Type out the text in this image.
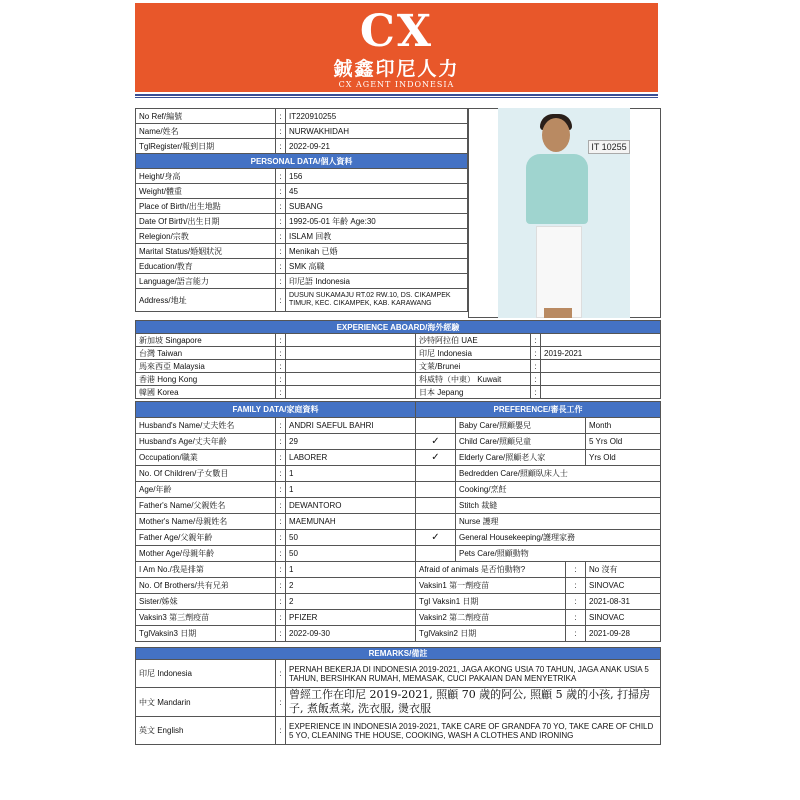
CX
鋮鑫印尼人力
CX AGENT INDONESIA
IT 10255
No Ref/編號	:	IT220910255
Name/姓名	:	NURWAKHIDAH
TglRegister/報到日期	:	2022-09-21
PERSONAL DATA/個人資料		
Height/身高	:	156
Weight/體重	:	45
Place of Birth/出生地點	:	SUBANG
Date Of Birth/出生日期	:	1992-05-01 年齡 Age:30
Relegion/宗教	:	ISLAM 回教
Marital Status/婚姻狀況	:	Menikah 已婚
Education/教育	:	SMK 高職
Language/語言能力	:	印尼語 Indonesia
Address/地址	:	DUSUN SUKAMAJU RT.02 RW.10, DS. CIKAMPEK TIMUR, KEC. CIKAMPEK, KAB. KARAWANG
EXPERIENCE ABOARD/海外經驗					
新加坡 Singapore	:		沙特阿拉伯 UAE	:	
台灣 Taiwan	:		印尼 Indonesia	:	2019-2021
馬來西亞 Malaysia	:		文萊/Brunei	:	
香港 Hong Kong	:		科威特（中東） Kuwait	:	
韓國 Korea	:		日本 Jepang	:	
FAMILY DATA/家庭資料			PREFERENCE/審長工作			
Husband's Name/丈夫姓名	:	ANDRI SAEFUL BAHRI		Baby Care/照顧嬰兒		Month
Husband's Age/丈夫年齡	:	29	✓	Child Care/照顧兒童		5 Yrs Old
Occupation/職業	:	LABORER	✓	Elderly Care/照顧老人家		Yrs Old
No. Of Children/子女數目	:	1		Bedredden Care/照顧臥床人士		
Age/年齡	:	1		Cooking/烹飪		
Father's Name/父親姓名	:	DEWANTORO		Stitch 裁縫		
Mother's Name/母親姓名	:	MAEMUNAH		Nurse 護理		
Father Age/父親年齡	:	50	✓	General Housekeeping/護理家務		
Mother Age/母親年齡	:	50		Pets Care/照顧動物		
I Am No./我是排第	:	1	Afraid of animals 是否怕動物?		:	No 沒有
No. Of Brothers/共有兄弟	:	2	Vaksin1 第一劑疫苗		:	SINOVAC
Sister/姊妹	:	2	Tgl Vaksin1 日期		:	2021-08-31
Vaksin3 第三劑疫苗	:	PFIZER	Vaksin2 第二劑疫苗		:	SINOVAC
TglVaksin3 日期	:	2022-09-30	TglVaksin2 日期		:	2021-09-28
REMARKS/備註		
印尼 Indonesia	:	PERNAH BEKERJA DI INDONESIA 2019-2021, JAGA AKONG USIA 70 TAHUN, JAGA ANAK USIA 5 TAHUN, BERSIHKAN RUMAH, MEMASAK, CUCI PAKAIAN DAN MENYETRIKA
中文 Mandarin	:	曾經工作在印尼 2019-2021, 照顧 70 歲的阿公, 照顧 5 歲的小孩, 打掃房子, 煮飯煮菜, 洗衣服, 燙衣服
英文 English	:	EXPERIENCE IN INDONESIA 2019-2021, TAKE CARE OF GRANDFA 70 YO, TAKE CARE OF CHILD 5 YO, CLEANING THE HOUSE, COOKING, WASH A CLOTHES AND IRONING
